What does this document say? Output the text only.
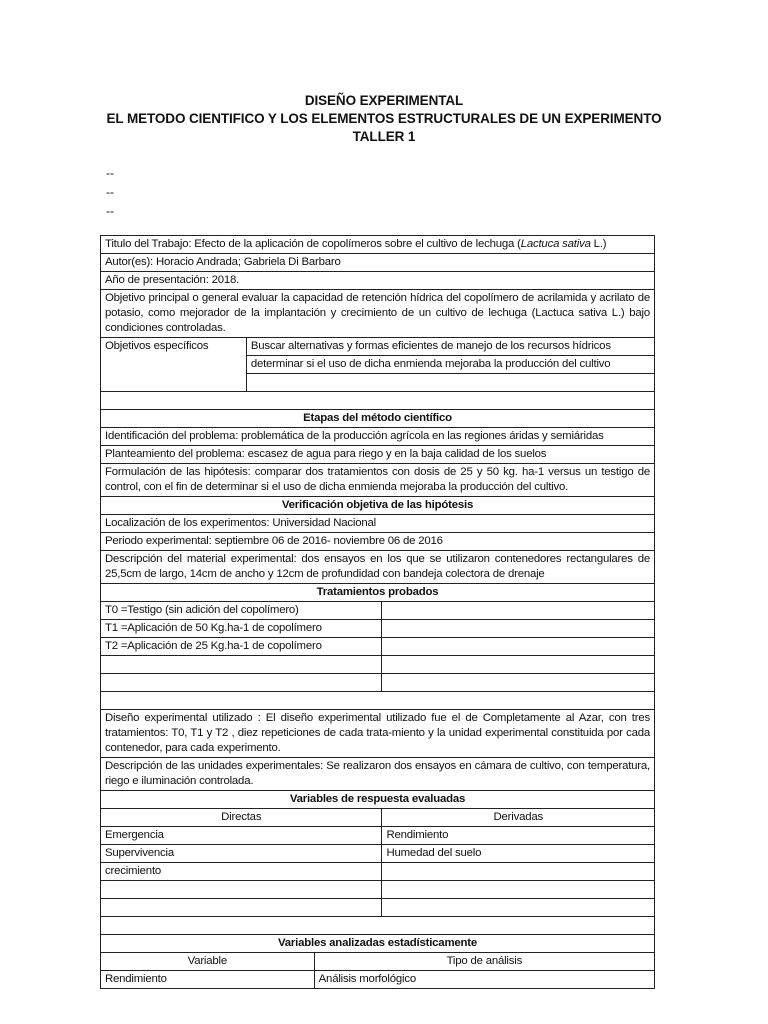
DISEÑO EXPERIMENTAL
EL METODO CIENTIFICO Y LOS ELEMENTOS ESTRUCTURALES DE UN EXPERIMENTO
TALLER 1
--
--
--
Titulo del Trabajo: Efecto de la aplicación de copolímeros sobre el cultivo de lechuga (Lactuca sativa L.)			
Autor(es): Horacio Andrada; Gabriela Di Barbaro			
Año de presentación: 2018.			
Objetivo principal o general evaluar la capacidad de retención hídrica del copolímero de acrilamida y acrilato de potasio, como mejorador de la implantación y crecimiento de un cultivo de lechuga (Lactuca sativa L.) bajo condiciones controladas.			
Objetivos específicos	Buscar alternativas y formas eficientes de manejo de los recursos hídricos		
	determinar si el uso de dicha enmienda mejoraba la producción del cultivo		

Etapas del método científico			
Identificación del problema: problemática de la producción agrícola en las regiones áridas y semiáridas			
Planteamiento del problema: escasez de agua para riego y en la baja calidad de los suelos			
Formulación de las hipótesis: comparar dos tratamientos con dosis de 25 y 50 kg. ha-1 versus un testigo de control, con el fin de determinar si el uso de dicha enmienda mejoraba la producción del cultivo.			
Verificación objetiva de las hipótesis			
Localización de los experimentos: Universidad Nacional			
Periodo experimental: septiembre 06 de 2016- noviembre 06 de 2016			
Descripción del material experimental: dos ensayos en los que se utilizaron contenedores rectangulares de 25,5cm de largo, 14cm de ancho y 12cm de profundidad con bandeja colectora de drenaje			
Tratamientos probados			
T0 =Testigo (sin adición del copolímero)			
T1 =Aplicación de 50 Kg.ha-1 de copolímero			
T2 =Aplicación de 25 Kg.ha-1 de copolímero			

Diseño experimental utilizado : El diseño experimental utilizado fue el de Completamente al Azar, con tres tratamientos: T0, T1 y T2 , diez repeticiones de cada trata-miento y la unidad experimental constituida por cada contenedor, para cada experimento.			
Descripción de las unidades experimentales: Se realizaron dos ensayos en cámara de cultivo, con temperatura, riego e iluminación controlada.			
Variables de respuesta evaluadas			
Directas			Derivadas
Emergencia			Rendimiento
Supervivencia			Humedad del suelo
crecimiento			

Variables analizadas estadísticamente			
Variable		Tipo de análisis	
Rendimiento		Análisis morfológico	
